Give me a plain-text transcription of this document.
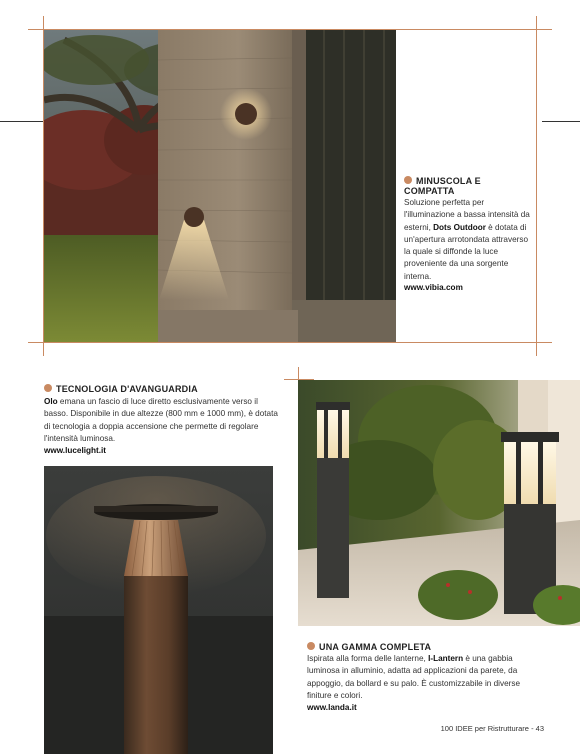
MINUSCOLA E COMPATTA
Soluzione perfetta per l'illuminazione a bassa intensità da esterni, Dots Outdoor è dotata di un'apertura arrotondata attraverso la quale si diffonde la luce proveniente da una sorgente interna.
www.vibia.com
TECNOLOGIA D'AVANGUARDIA
Olo emana un fascio di luce diretto esclusivamente verso il basso. Disponibile in due altezze (800 mm e 1000 mm), è dotata di tecnologia a doppia accensione che permette di regolare l'intensità luminosa.
www.lucelight.it
UNA GAMMA COMPLETA
Ispirata alla forma delle lanterne, I-Lantern è una gabbia luminosa in alluminio, adatta ad applicazioni da parete, da appoggio, da bollard e su palo. È customizzabile in diverse finiture e colori.
www.landa.it
100 IDEE per Ristrutturare - 43
